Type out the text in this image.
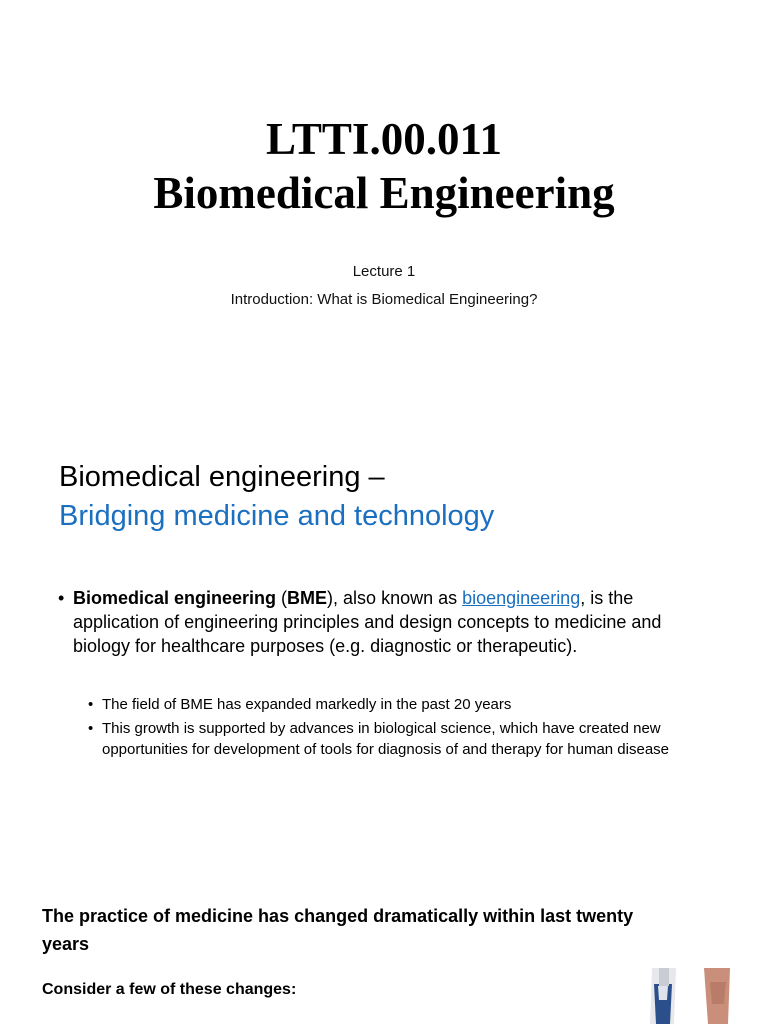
LTTI.00.011
Biomedical Engineering
Lecture 1
Introduction: What is Biomedical Engineering?
Biomedical engineering –
Bridging medicine and technology
• Biomedical engineering (BME), also known as bioengineering, is the application of engineering principles and design concepts to medicine and biology for healthcare purposes (e.g. diagnostic or therapeutic).
• The field of BME has expanded markedly in the past 20 years
• This growth is supported by advances in biological science, which have created new opportunities for development of tools for diagnosis of and therapy for human disease
The practice of medicine has changed dramatically within last twenty years
Consider a few of these changes:
